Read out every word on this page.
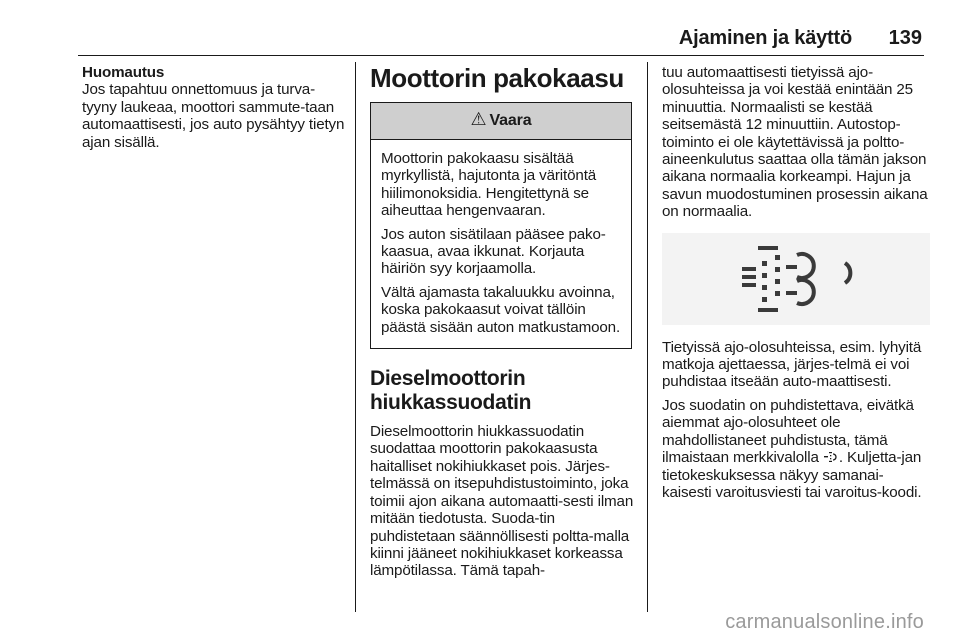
Ajaminen ja käyttö 139
Huomautus

Jos tapahtuu onnettomuus ja turva-tyyny laukeaa, moottori sammute-taan automaattisesti, jos auto pysähtyy tietyn ajan sisällä.

Moottorin pakokaasu
⚠ Vaara

Moottorin pakokaasu sisältää myrkyllistä, hajutonta ja väritöntä hiilimonoksidia. Hengitettynä se aiheuttaa hengenvaaran.

Jos auton sisätilaan pääsee pako-kaasua, avaa ikkunat. Korjauta häiriön syy korjaamolla.

Vältä ajamasta takaluukku avoinna, koska pakokaasut voivat tällöin päästä sisään auton matkustamoon.

Dieselmoottorin hiukkassuodatin

Dieselmoottorin hiukkassuodatin suodattaa moottorin pakokaasusta haitalliset nokihiukkaset pois. Järjes-telmässä on itsepuhdistustoiminto, joka toimii ajon aikana automaatti-sesti ilman mitään tiedotusta. Suoda-tin puhdistetaan säännöllisesti poltta-malla kiinni jääneet nokihiukkaset korkeassa lämpötilassa. Tämä tapah-

tuu automaattisesti tietyissä ajo-olosuhteissa ja voi kestää enintään 25 minuuttia. Normaalisti se kestää seitsemästä 12 minuuttiin. Autostop-toiminto ei ole käytettävissä ja poltto-aineenkulutus saattaa olla tämän jakson aikana normaalia korkeampi. Hajun ja savun muodostuminen prosessin aikana on normaalia.

Tietyissä ajo-olosuhteissa, esim. lyhyitä matkoja ajettaessa, järjes-telmä ei voi puhdistaa itseään auto-maattisesti.

Jos suodatin on puhdistettava, eivätkä aiemmat ajo-olosuhteet ole mahdollistaneet puhdistusta, tämä ilmaistaan merkkivalolla . Kuljetta-jan tietokeskuksessa näkyy samanai-kaisesti varoitusviesti tai varoitus-koodi.

carmanualsonline.info
